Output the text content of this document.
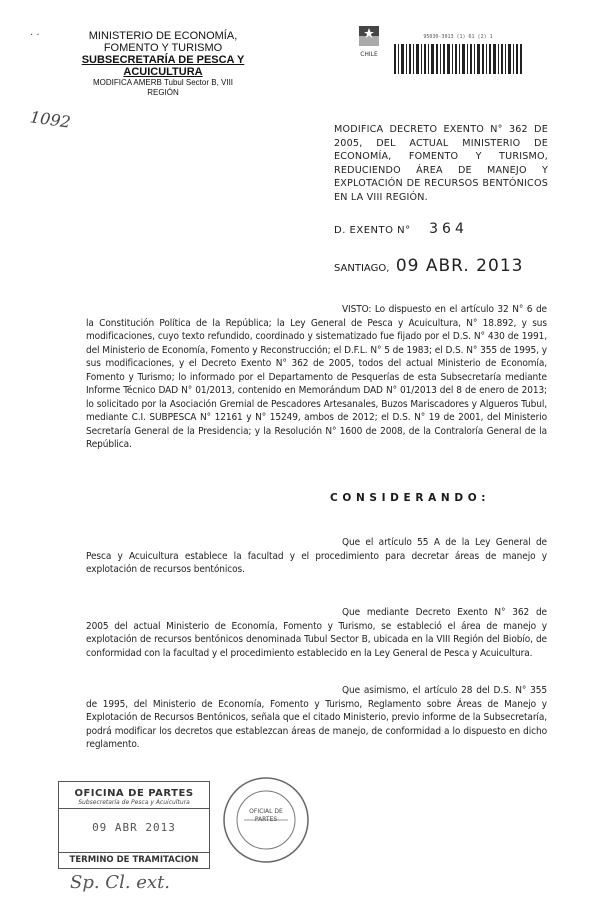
· ·	MINISTERIO DE ECONOMÍA,
FOMENTO Y TURISMO
SUBSECRETARÍA DE PESCA Y
ACUICULTURA
MODIFICA AMERB Tubul Sector B, VIII
REGIÓN
1092
CHILE
95030-3013 (1) 61 (2) 1
MODIFICA DECRETO EXENTO N° 362 DE 2005, DEL ACTUAL MINISTERIO DE ECONOMÍA, FOMENTO Y TURISMO, REDUCIENDO ÁREA DE MANEJO Y EXPLOTACIÓN DE RECURSOS BENTÓNICOS EN LA VIII REGIÓN.
D. EXENTO N° 364
SANTIAGO, 09 ABR. 2013
VISTO: Lo dispuesto en el artículo 32 N° 6 de la Constitución Política de la República; la Ley General de Pesca y Acuicultura, N° 18.892, y sus modificaciones, cuyo texto refundido, coordinado y sistematizado fue fijado por el D.S. N° 430 de 1991, del Ministerio de Economía, Fomento y Reconstrucción; el D.F.L. N° 5 de 1983; el D.S. N° 355 de 1995, y sus modificaciones, y el Decreto Exento N° 362 de 2005, todos del actual Ministerio de Economía, Fomento y Turismo; lo informado por el Departamento de Pesquerías de esta Subsecretaría mediante Informe Técnico DAD N° 01/2013, contenido en Memorándum DAD N° 01/2013 del 8 de enero de 2013; lo solicitado por la Asociación Gremial de Pescadores Artesanales, Buzos Mariscadores y Algueros Tubul, mediante C.I. SUBPESCA N° 12161 y N° 15249, ambos de 2012; el D.S. N° 19 de 2001, del Ministerio Secretaría General de la Presidencia; y la Resolución N° 1600 de 2008, de la Contraloría General de la República.
C O N S I D E R A N D O :
Que el artículo 55 A de la Ley General de Pesca y Acuicultura establece la facultad y el procedimiento para decretar áreas de manejo y explotación de recursos bentónicos.
Que mediante Decreto Exento N° 362 de 2005 del actual Ministerio de Economía, Fomento y Turismo, se estableció el área de manejo y explotación de recursos bentónicos denominada Tubul Sector B, ubicada en la VIII Región del Biobío, de conformidad con la facultad y el procedimiento establecido en la Ley General de Pesca y Acuicultura.
Que asimismo, el artículo 28 del D.S. N° 355 de 1995, del Ministerio de Economía, Fomento y Turismo, Reglamento sobre Áreas de Manejo y Explotación de Recursos Bentónicos, señala que el citado Ministerio, previo informe de la Subsecretaría, podrá modificar los decretos que establezcan áreas de manejo, de conformidad a lo dispuesto en dicho reglamento.
OFICINA DE PARTES
Subsecretaría de Pesca y Acuicultura
09 ABR 2013
TERMINO DE TRAMITACION
OFICIAL DE PARTES
Sp. Cl. ext.
